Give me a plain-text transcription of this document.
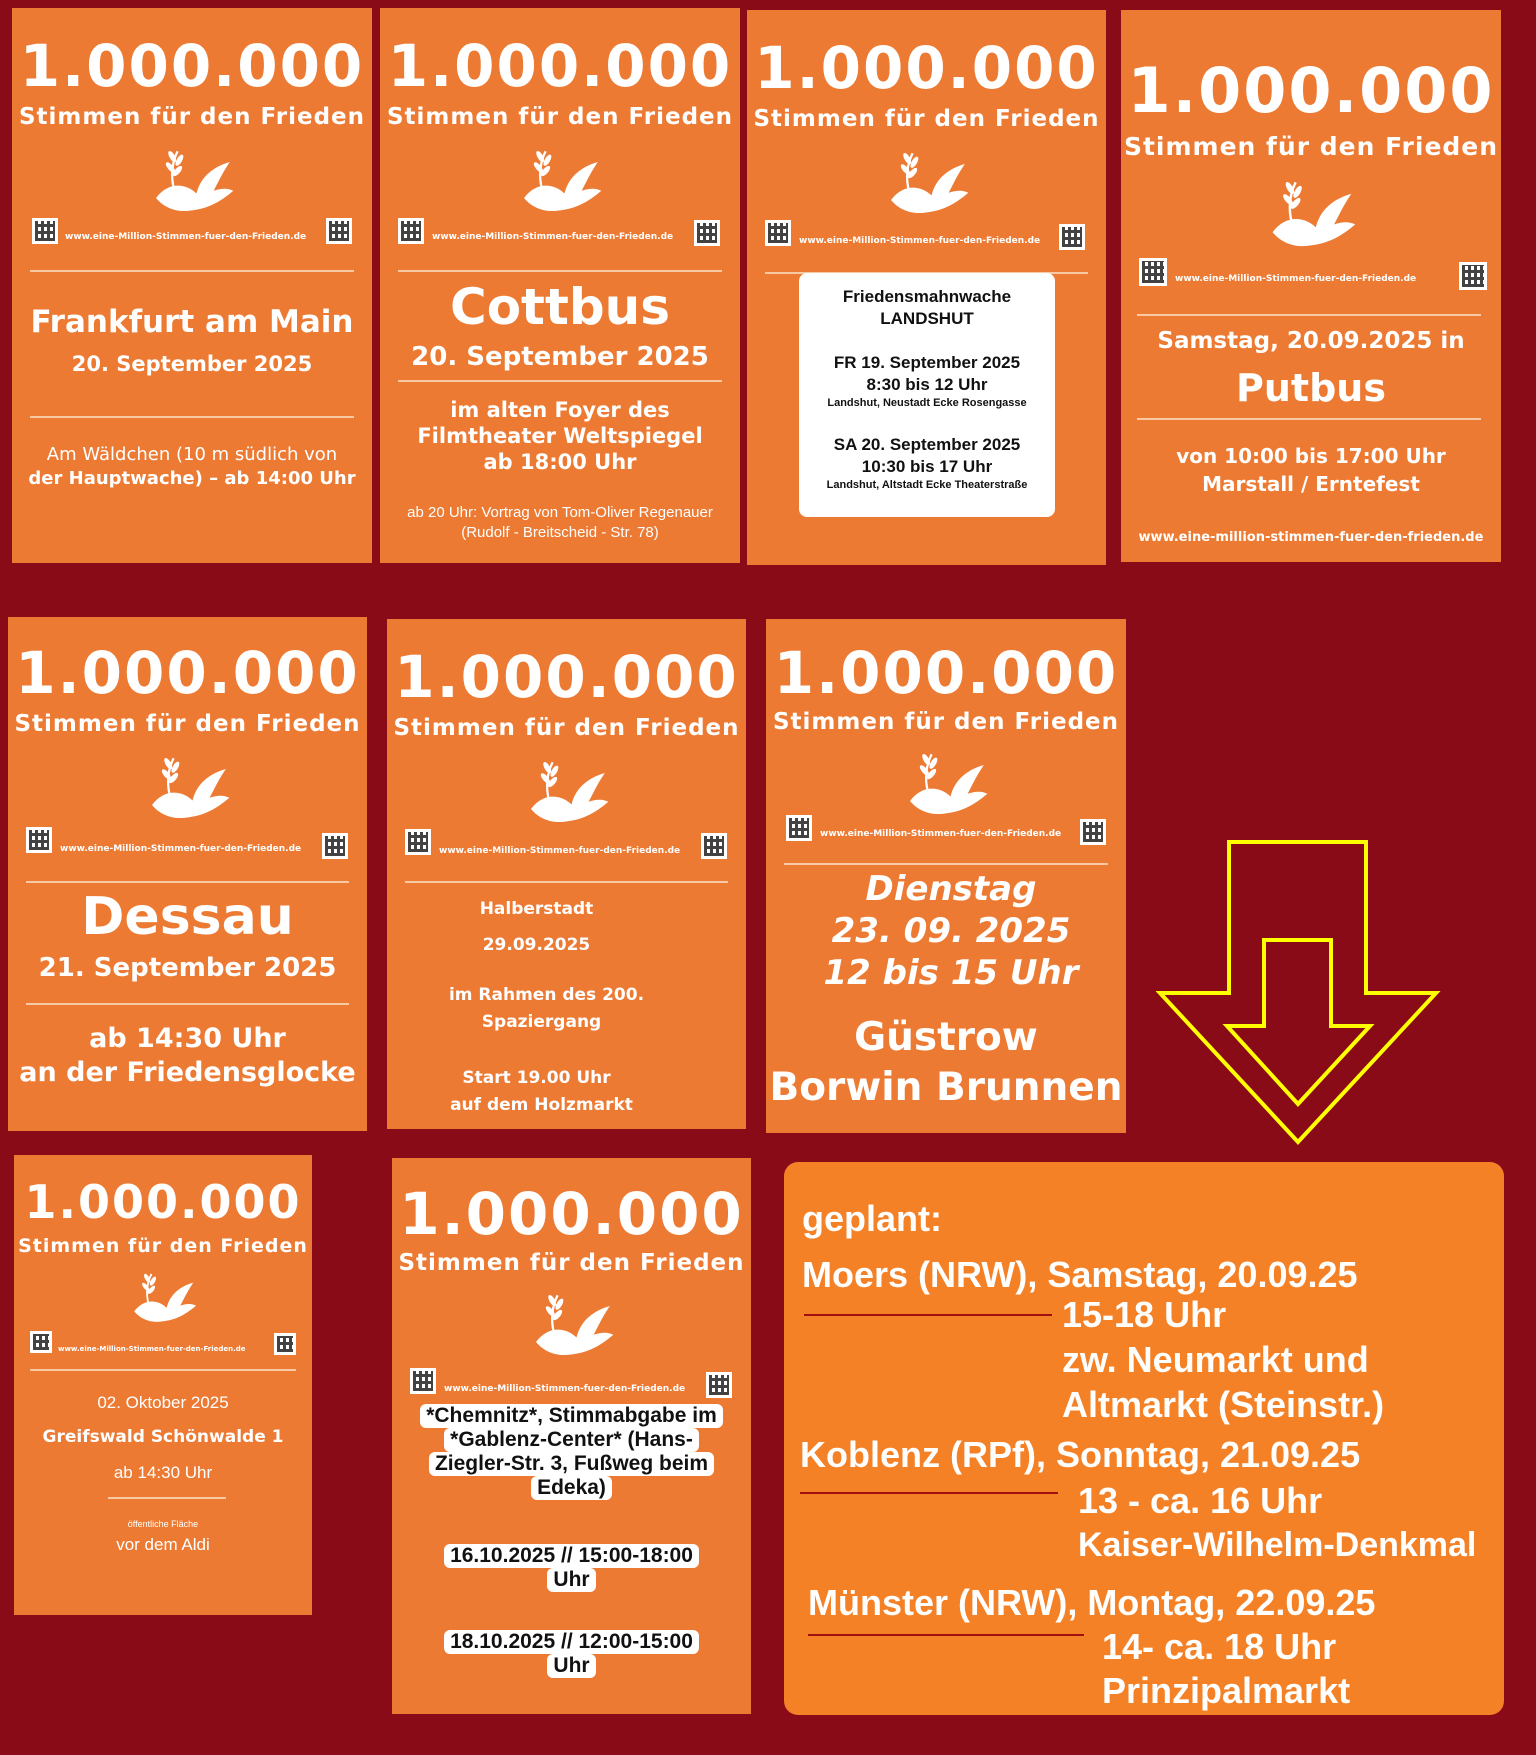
1.000.000
Stimmen für den Frieden
www.eine-Million-Stimmen-fuer-den-Frieden.de
Frankfurt am Main
20. September 2025
Am Wäldchen (10 m südlich von
der Hauptwache) – ab 14:00 Uhr
1.000.000
Stimmen für den Frieden
www.eine-Million-Stimmen-fuer-den-Frieden.de
Cottbus
20. September 2025
im alten Foyer des
Filmtheater Weltspiegel
ab 18:00 Uhr
ab 20 Uhr: Vortrag von Tom-Oliver Regenauer
(Rudolf - Breitscheid - Str. 78)
1.000.000
Stimmen für den Frieden
www.eine-Million-Stimmen-fuer-den-Frieden.de
Friedensmahnwache
LANDSHUT
FR 19. September 2025
8:30 bis 12 Uhr
Landshut, Neustadt Ecke Rosengasse
SA 20. September 2025
10:30 bis 17 Uhr
Landshut, Altstadt Ecke Theaterstraße
1.000.000
Stimmen für den Frieden
www.eine-Million-Stimmen-fuer-den-Frieden.de
Samstag, 20.09.2025 in
Putbus
von 10:00 bis 17:00 Uhr
Marstall / Erntefest
www.eine-million-stimmen-fuer-den-frieden.de
1.000.000
Stimmen für den Frieden
www.eine-Million-Stimmen-fuer-den-Frieden.de
Dessau
21. September 2025
ab 14:30 Uhr
an der Friedensglocke
1.000.000
Stimmen für den Frieden
www.eine-Million-Stimmen-fuer-den-Frieden.de
Halberstadt
29.09.2025
im Rahmen des 200.
Spaziergang
Start 19.00 Uhr
auf dem Holzmarkt
1.000.000
Stimmen für den Frieden
www.eine-Million-Stimmen-fuer-den-Frieden.de
Dienstag
23. 09. 2025
12 bis 15 Uhr
Güstrow
Borwin Brunnen
1.000.000
Stimmen für den Frieden
www.eine-Million-Stimmen-fuer-den-Frieden.de
02. Oktober 2025
Greifswald Schönwalde 1
ab 14:30 Uhr
öffentliche Fläche
vor dem Aldi
1.000.000
Stimmen für den Frieden
www.eine-Million-Stimmen-fuer-den-Frieden.de
*Chemnitz*, Stimmabgabe im
*Gablenz-Center* (Hans-
Ziegler-Str. 3, Fußweg beim
Edeka)
16.10.2025 // 15:00-18:00
Uhr
18.10.2025 // 12:00-15:00
Uhr
geplant:
Moers (NRW), Samstag, 20.09.25
15-18 Uhr
zw. Neumarkt und
Altmarkt (Steinstr.)
Koblenz (RPf), Sonntag, 21.09.25
13 - ca. 16 Uhr
Kaiser-Wilhelm-Denkmal
Münster (NRW), Montag, 22.09.25
14- ca. 18 Uhr
Prinzipalmarkt
